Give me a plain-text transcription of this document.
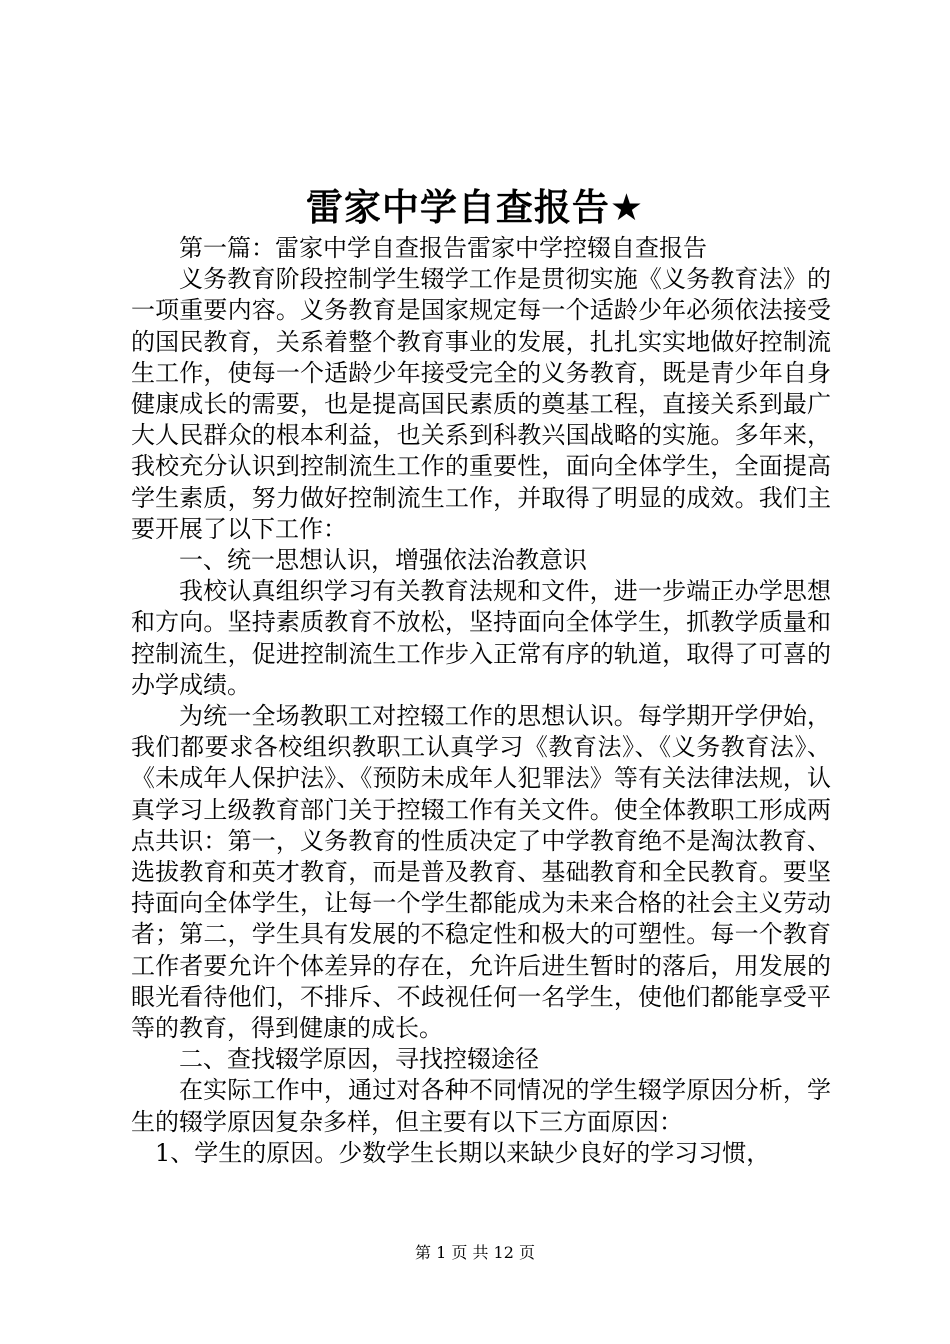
雷家中学自查报告★

第一篇：雷家中学自查报告雷家中学控辍自查报告

义务教育阶段控制学生辍学工作是贯彻实施《义务教育法》的一项重要内容。义务教育是国家规定每一个适龄少年必须依法接受的国民教育，关系着整个教育事业的发展，扎扎实实地做好控制流生工作，使每一个适龄少年接受完全的义务教育，既是青少年自身健康成长的需要，也是提高国民素质的奠基工程，直接关系到最广大人民群众的根本利益，也关系到科教兴国战略的实施。多年来，我校充分认识到控制流生工作的重要性，面向全体学生，全面提高学生素质，努力做好控制流生工作，并取得了明显的成效。我们主要开展了以下工作：

一、统一思想认识，增强依法治教意识

我校认真组织学习有关教育法规和文件，进一步端正办学思想和方向。坚持素质教育不放松，坚持面向全体学生，抓教学质量和控制流生，促进控制流生工作步入正常有序的轨道，取得了可喜的办学成绩。

为统一全场教职工对控辍工作的思想认识。每学期开学伊始，我们都要求各校组织教职工认真学习《教育法》、《义务教育法》、《未成年人保护法》、《预防未成年人犯罪法》等有关法律法规，认真学习上级教育部门关于控辍工作有关文件。使全体教职工形成两点共识：第一，义务教育的性质决定了中学教育绝不是淘汰教育、选拔教育和英才教育，而是普及教育、基础教育和全民教育。要坚持面向全体学生，让每一个学生都能成为未来合格的社会主义劳动者；第二，学生具有发展的不稳定性和极大的可塑性。每一个教育工作者要允许个体差异的存在，允许后进生暂时的落后，用发展的眼光看待他们，不排斥、不歧视任何一名学生，使他们都能享受平等的教育，得到健康的成长。

二、查找辍学原因，寻找控辍途径

在实际工作中，通过对各种不同情况的学生辍学原因分析，学生的辍学原因复杂多样，但主要有以下三方面原因：

1、学生的原因。少数学生长期以来缺少良好的学习习惯，

第 1 页 共 12 页
